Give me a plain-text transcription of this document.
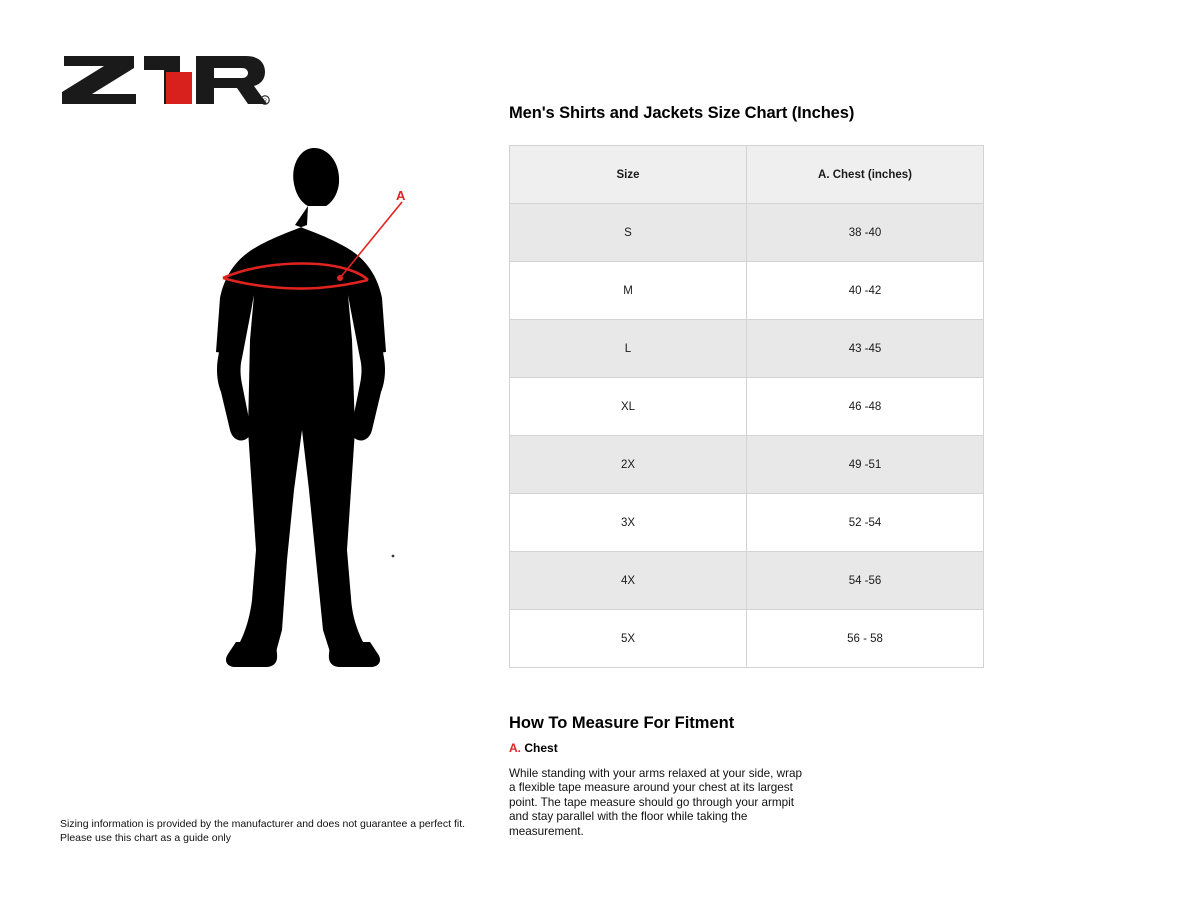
R
A
Men's Shirts and Jackets Size Chart (Inches)
Size	A. Chest (inches)
S	38 -40
M	40 -42
L	43 -45
XL	46 -48
2X	49 -51
3X	52 -54
4X	54 -56
5X	56 - 58
How To Measure For Fitment
A. Chest

While standing with your arms relaxed at your side, wrap a flexible tape measure around your chest at its largest point. The tape measure should go through your armpit and stay parallel with the floor while taking the measurement.

Sizing information is provided by the manufacturer and does not guarantee a perfect fit.
Please use this chart as a guide only
